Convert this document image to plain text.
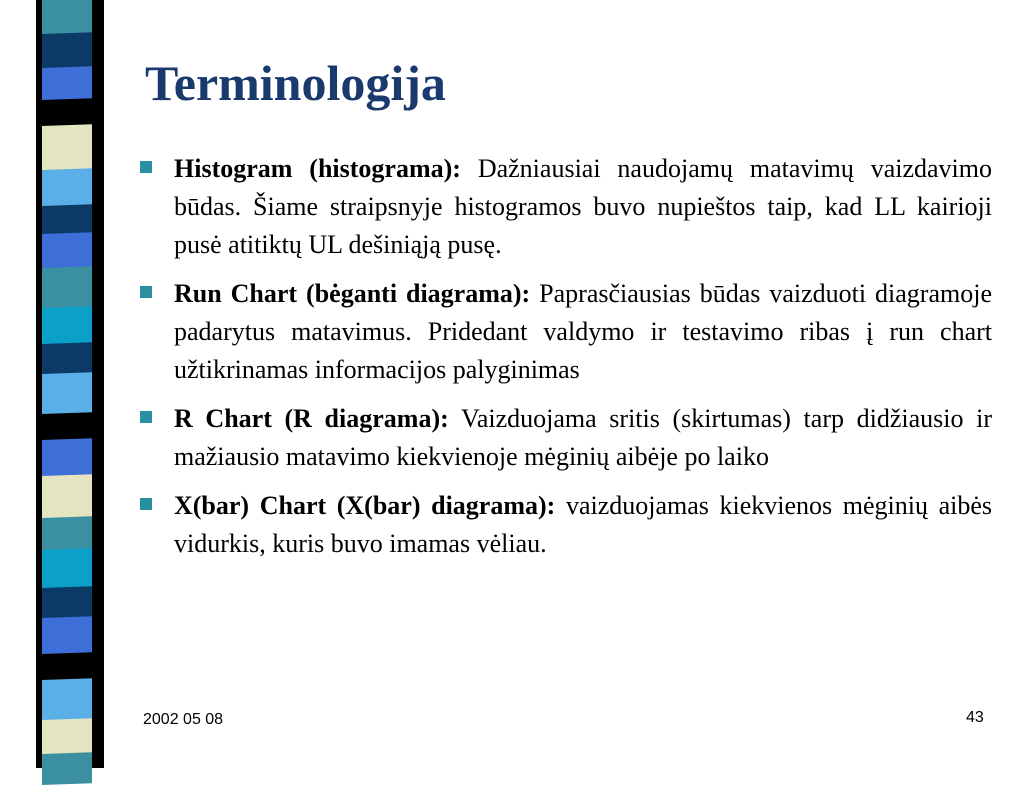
Terminologija
Histogram (histograma): Dažniausiai naudojamų matavimų vaizdavimo būdas. Šiame straipsnyje histogramos buvo nupieštos taip, kad LL kairioji pusė atitiktų UL dešiniąją pusę.
Run Chart (bėganti diagrama): Paprasčiausias būdas vaizduoti diagramoje padarytus matavimus. Pridedant valdymo ir testavimo ribas į run chart užtikrinamas informacijos palyginimas
R Chart (R diagrama): Vaizduojama sritis (skirtumas) tarp didžiausio ir mažiausio matavimo kiekvienoje mėginių aibėje po laiko
X(bar) Chart (X(bar) diagrama): vaizduojamas kiekvienos mėginių aibės vidurkis, kuris buvo imamas vėliau.
2002 05 08	43
